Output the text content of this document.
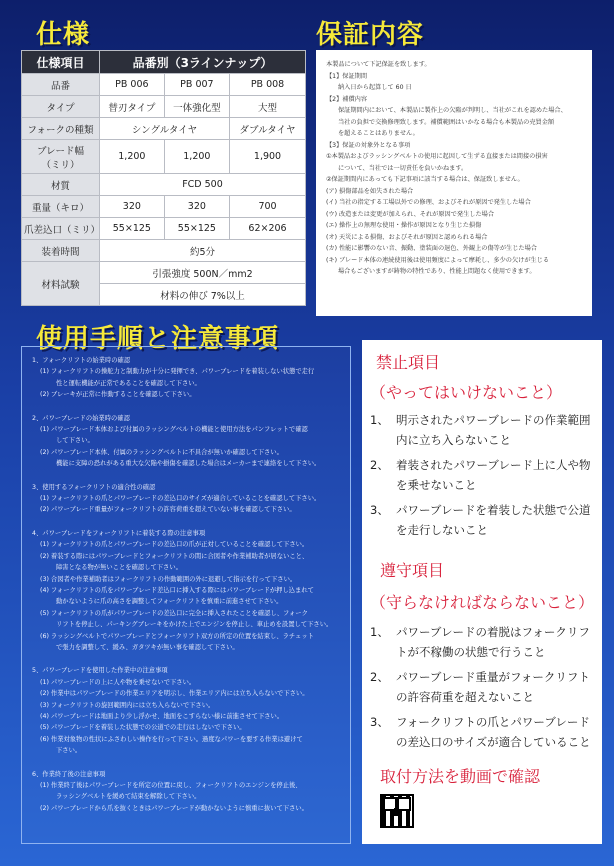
仕様	保証内容
使用手順と注意事項
仕様項目	品番別（3ラインナップ）		
品番	PB 006	PB 007	PB 008
タイプ	替刃タイプ	一体強化型	大型
フォークの種類	シングルタイヤ		ダブルタイヤ

ブレード幅
（ミリ）	1,200	1,200	1,900
材質	FCD 500		
重量（キロ）	320	320	700
爪差込口（ミリ）	55×125	55×125	62×206
装着時間	約5分		
材料試験	引張強度 500N／mm2		
	材料の伸び 7%以上		

本製品について下記保証を致します。

【1】保証期間

納入日から起算して 60 日

【2】補償内容

保証期間内において、本製品に製作上の欠陥が判明し、当社がこれを認めた場合、

当社の負担で交換修理致します。補償範囲はいかなる場合も本製品の売買金額

を超えることはありません。

【3】保証の対象外となる事項

①本製品およびラッシングベルトの使用に起因して生ずる直接または間接の損害

について、当社では一切責任を負いかねます。

②保証期間内にあっても下記事項に該当する場合は、保証致しません。

(ア) 損傷部品を如失された場合

(イ) 当社の指定する工場以外での修理、およびそれが原因で発生した場合

(ウ) 改造または変更が加えられ、それが原因で発生した場合

(エ) 操作上の無理な使用・操作が原因となり生じた損傷

(オ) 天災による損傷、およびそれが原因と認められる場合

(カ) 性能に影響のない音、振動、塗装面の退色、外観上の傷等が生じた場合

(キ) ブレード本体の連続使用後は使用頻度によって摩耗し、多少の欠けが生じる

場合もございますが鋳物の特性であり、性能上問題なく使用できます。

1、フォークリフトの始業時の確認

(1) フォークリフトの操舵力と制動力が十分に発揮でき、パワーブレードを着装しない状態で走行

性と運転機能が正常であることを確認して下さい。

(2) ブレーキが正常に作動することを確認して下さい。

2、パワーブレードの始業時の確認

(1) パワーブレード本体および付属のラッシングベルトの機能と使用方法をパンフレットで確認

して下さい。

(2) パワーブレード本体、付属のラッシングベルトに不具合が無いか確認して下さい。

機能に支障の恐れがある重大な欠陥や損傷を確認した場合はメーカーまで連絡をして下さい。

3、使用するフォークリフトの適合性の確認

(1) フォークリフトの爪とパワーブレードの差込口のサイズが適合していることを確認して下さい。

(2) パワーブレード重量がフォークリフトの許容荷重を超えていない事を確認して下さい。

4、パワーブレードをフォークリフトに着装する際の注意事項

(1) フォークリフトの爪とパワーブレードの差込口の爪が正対していることを確認して下さい。

(2) 着装する際にはパワーブレードとフォークリフトの間に合図者や作業補助者が居ないこと、

障害となる物が無いことを確認して下さい。

(3) 合図者や作業補助者はフォークリフトの作動範囲の外に退避して指示を行って下さい。

(4) フォークリフトの爪をパワーブレード差込口に挿入する際にはパワーブレードが押し込まれて

動かないように爪の高さを調整してフォークリフトを慎重に前進させて下さい。

(5) フォークリフトの爪がパワーブレードの差込口に完全に挿入されたことを確認し、フォーク

リフトを停止し、パーキングブレーキをかけた上でエンジンを停止し、車止めを設置して下さい。

(6) ラッシングベルトでパワーブレードとフォークリフト双方の所定の位置を結束し、ラチェット

で張力を調整して、緩み、ガタツキが無い事を確認して下さい。

5、パワーブレードを使用した作業中の注意事項

(1) パワーブレードの上に人や物を乗せないで下さい。

(2) 作業中はパワーブレードの作業エリアを明示し、作業エリア内には立ち入らないで下さい。

(3) フォークリフトの旋回範囲内には立ち入らないで下さい。

(4) パワーブレードは地面より少し浮かせ、地面をこすらない様に前進させて下さい。

(5) パワーブレードを着装した状態での公道での走行はしないで下さい。

(6) 作業対象物の性状にふさわしい操作を行って下さい。過度なパワーを要する作業は避けて

下さい。

6、作業終了後の注意事項

(1) 作業終了後はパワーブレードを所定の位置に戻し、フォークリフトのエンジンを停止後、

ラッシングベルトを緩めて結束を解除して下さい。

(2) パワーブレードから爪を抜くときはパワーブレードが動かないように慎重に抜いて下さい。

禁止項目
（やってはいけないこと）
1、 明示されたパワーブレードの作業範囲内に立ち入らないこと
2、 着装されたパワーブレード上に人や物を乗せないこと
3、 パワーブレードを着装した状態で公道を走行しないこと
遵守項目
（守らなければならないこと）
1、 パワーブレードの着脱はフォークリフトが不稼働の状態で行うこと
2、 パワーブレード重量がフォークリフトの許容荷重を超えないこと
3、 フォークリフトの爪とパワーブレードの差込口のサイズが適合していること
取付方法を動画で確認
